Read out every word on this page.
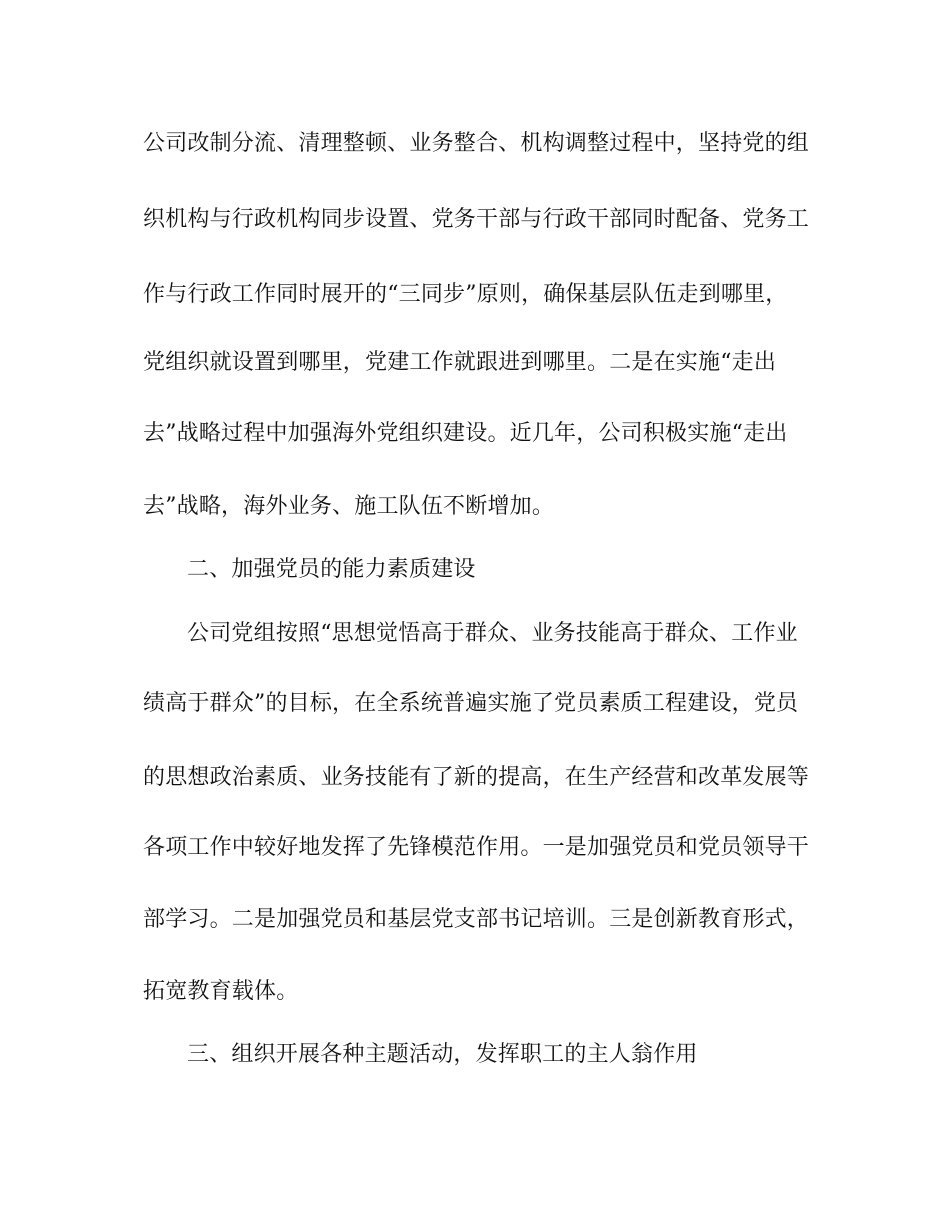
公司改制分流、清理整顿、业务整合、机构调整过程中，坚持党的组
织机构与行政机构同步设置、党务干部与行政干部同时配备、党务工
作与行政工作同时展开的“三同步”原则，确保基层队伍走到哪里，
党组织就设置到哪里，党建工作就跟进到哪里。二是在实施“走出
去”战略过程中加强海外党组织建设。近几年，公司积极实施“走出
去”战略，海外业务、施工队伍不断增加。
二、加强党员的能力素质建设
公司党组按照“思想觉悟高于群众、业务技能高于群众、工作业
绩高于群众”的目标，在全系统普遍实施了党员素质工程建设，党员
的思想政治素质、业务技能有了新的提高，在生产经营和改革发展等
各项工作中较好地发挥了先锋模范作用。一是加强党员和党员领导干
部学习。二是加强党员和基层党支部书记培训。三是创新教育形式，
拓宽教育载体。
三、组织开展各种主题活动，发挥职工的主人翁作用
